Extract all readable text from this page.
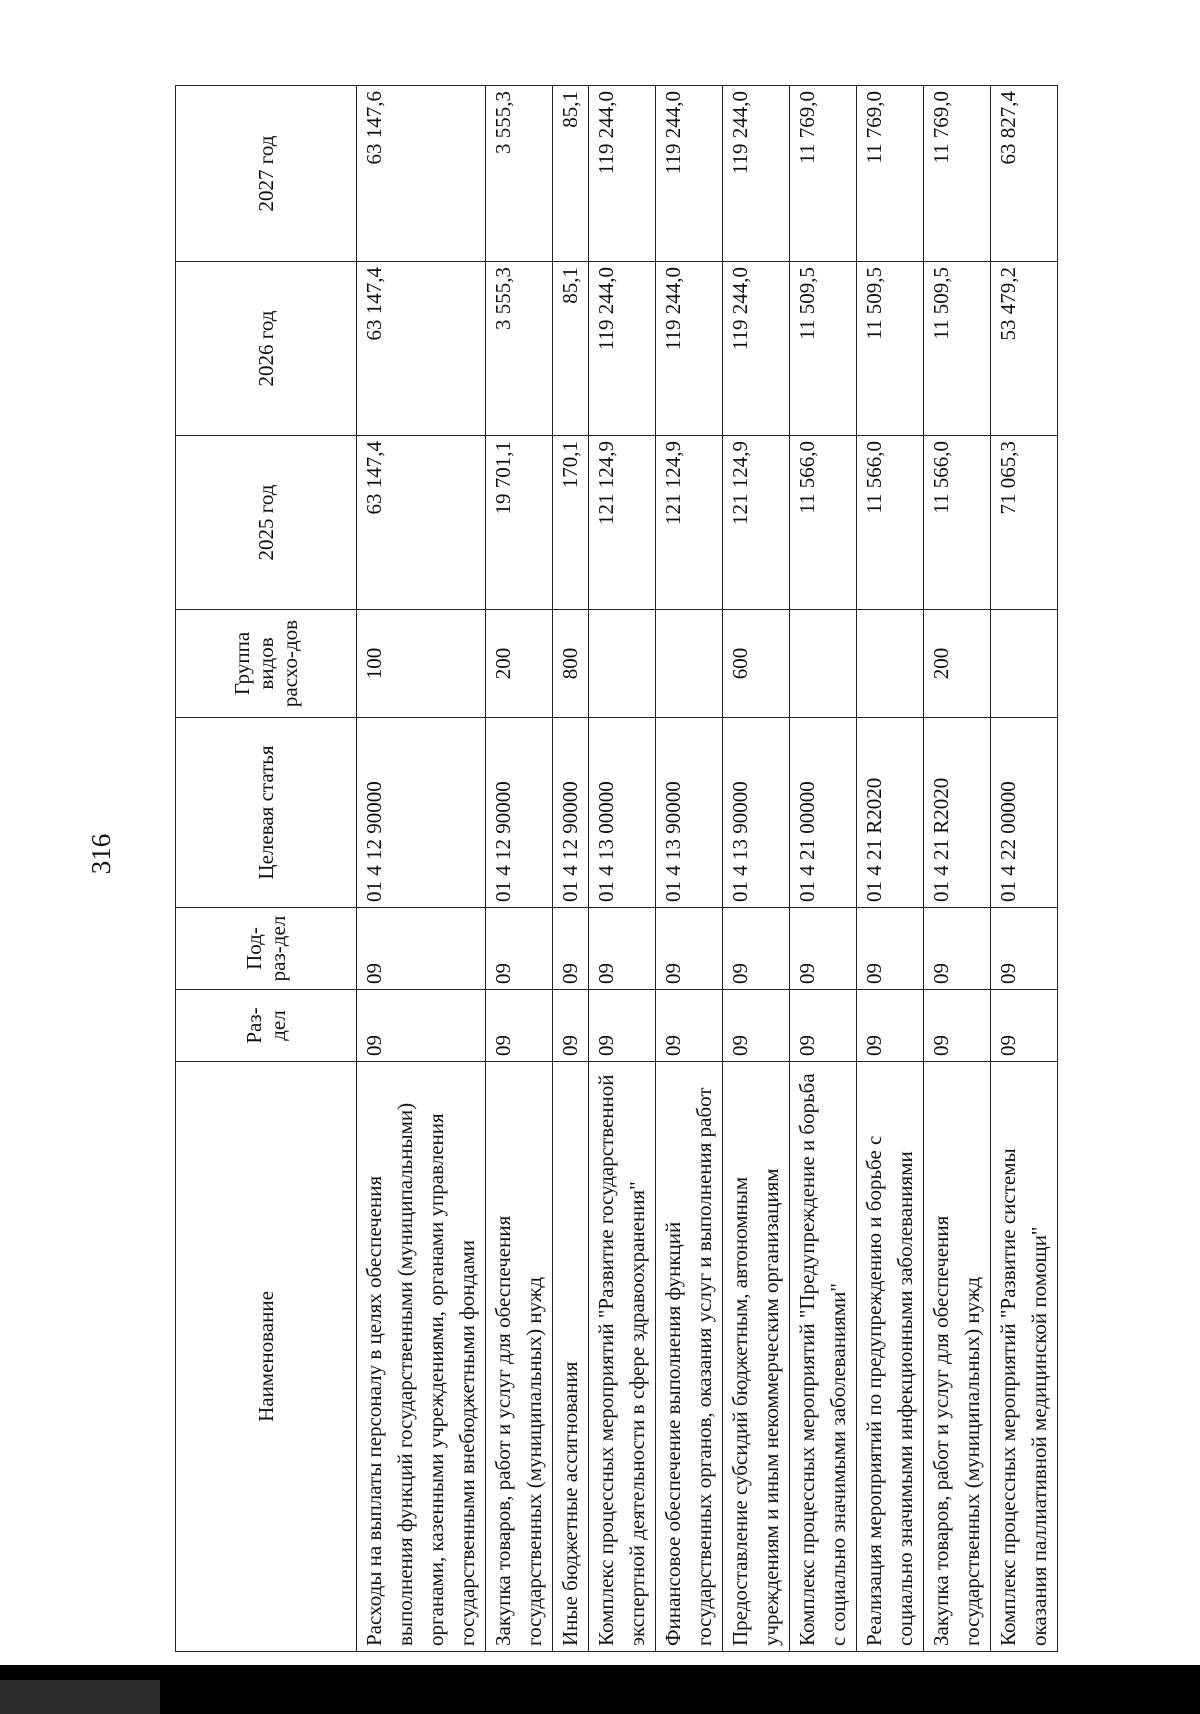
316
Наименование	Раз-дел	Под-раз-дел	Целевая статья	Группа видов расхо-дов	2025 год	2026 год	2027 год
Расходы на выплаты персоналу в целях обеспечения выполнения функций государственными (муниципальными) органами, казенными учреждениями, органами управления государственными внебюджетными фондами	09	09	01 4 12 90000	100	63 147,4	63 147,4	63 147,6
Закупка товаров, работ и услуг для обеспечения государственных (муниципальных) нужд	09	09	01 4 12 90000	200	19 701,1	3 555,3	3 555,3
Иные бюджетные ассигнования	09	09	01 4 12 90000	800	170,1	85,1	85,1
Комплекс процессных мероприятий "Развитие государственной экспертной деятельности в сфере здравоохранения"	09	09	01 4 13 00000		121 124,9	119 244,0	119 244,0
Финансовое обеспечение выполнения функций государственных органов, оказания услуг и выполнения работ	09	09	01 4 13 90000		121 124,9	119 244,0	119 244,0
Предоставление субсидий бюджетным, автономным учреждениям и иным некоммерческим организациям	09	09	01 4 13 90000	600	121 124,9	119 244,0	119 244,0
Комплекс процессных мероприятий "Предупреждение и борьба с социально значимыми заболеваниями"	09	09	01 4 21 00000		11 566,0	11 509,5	11 769,0
Реализация мероприятий по предупреждению и борьбе с социально значимыми инфекционными заболеваниями	09	09	01 4 21 R2020		11 566,0	11 509,5	11 769,0
Закупка товаров, работ и услуг для обеспечения государственных (муниципальных) нужд	09	09	01 4 21 R2020	200	11 566,0	11 509,5	11 769,0
Комплекс процессных мероприятий "Развитие системы оказания паллиативной медицинской помощи"	09	09	01 4 22 00000		71 065,3	53 479,2	63 827,4
